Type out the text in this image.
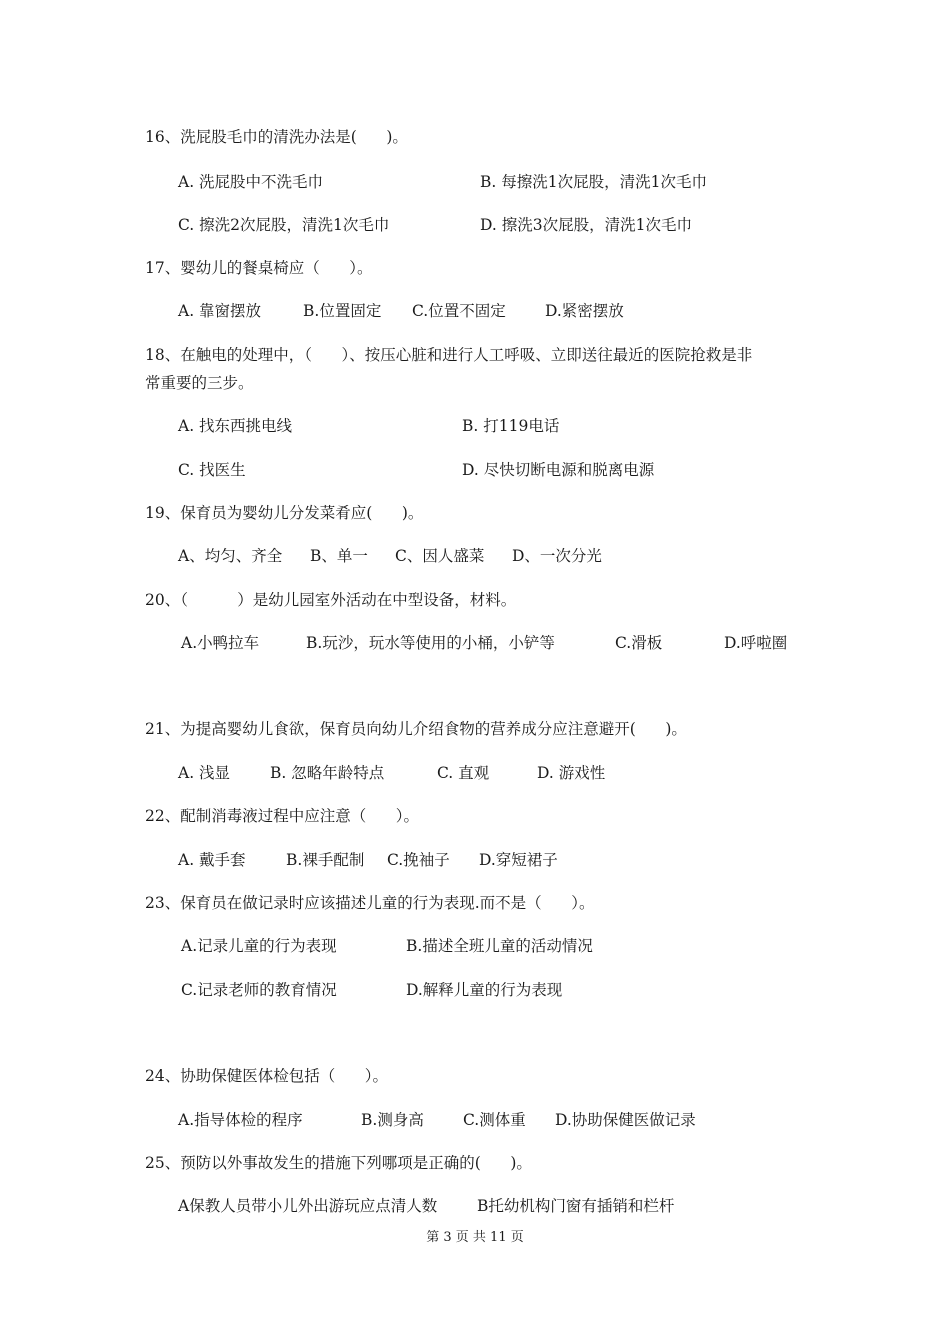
16、洗屁股毛巾的清洗办法是(      )。
A. 洗屁股中不洗毛巾	B. 每擦洗1次屁股，清洗1次毛巾
C. 擦洗2次屁股，清洗1次毛巾	D. 擦洗3次屁股，清洗1次毛巾
17、婴幼儿的餐桌椅应（      ）。
A. 靠窗摆放	B.位置固定 C.位置不固定	D.紧密摆放
18、在触电的处理中，（      ）、按压心脏和进行人工呼吸、立即送往最近的医院抢救是非
常重要的三步。
A. 找东西挑电线	B. 打119电话
C. 找医生	D. 尽快切断电源和脱离电源
19、保育员为婴幼儿分发菜肴应(      )。
A、均匀、齐全 B、单一 C、因人盛菜 D、一次分光
20、（          ）是幼儿园室外活动在中型设备，材料。
A.小鸭拉车	B.玩沙，玩水等使用的小桶，小铲等	C.滑板	D.呼啦圈
21、为提高婴幼儿食欲，保育员向幼儿介绍食物的营养成分应注意避开(      )。
A. 浅显	B. 忽略年龄特点	C. 直观	D. 游戏性
22、配制消毒液过程中应注意（      ）。
A. 戴手套	B.裸手配制 C.挽袖子 D.穿短裙子
23、保育员在做记录时应该描述儿童的行为表现.而不是（      ）。
A.记录儿童的行为表现	B.描述全班儿童的活动情况
C.记录老师的教育情况	D.解释儿童的行为表现
24、协助保健医体检包括（      ）。
A.指导体检的程序	B.测身高	C.测体重 D.协助保健医做记录
25、预防以外事故发生的措施下列哪项是正确的(      )。
A保教人员带小儿外出游玩应点清人数	B托幼机构门窗有插销和栏杆
第 3 页 共 11 页
